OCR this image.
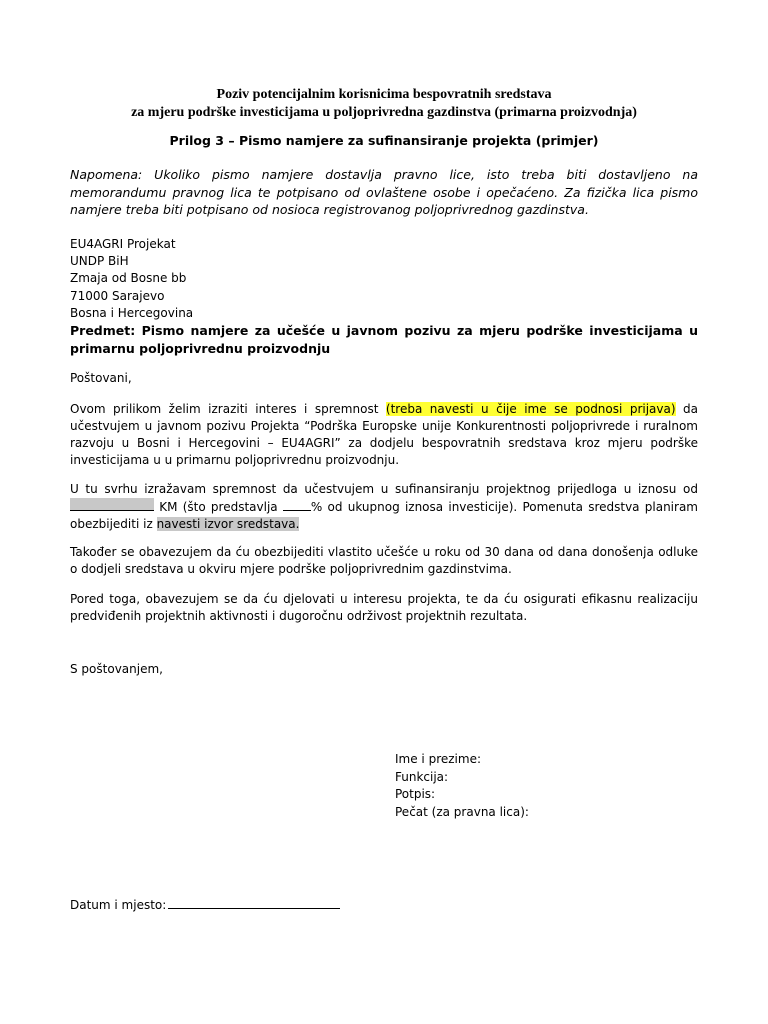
Poziv potencijalnim korisnicima bespovratnih sredstava
za mjeru podrške investicijama u poljoprivredna gazdinstva (primarna proizvodnja)
Prilog 3 – Pismo namjere za sufinansiranje projekta (primjer)
Napomena: Ukoliko pismo namjere dostavlja pravno lice, isto treba biti dostavljeno na memorandumu pravnog lica te potpisano od ovlaštene osobe i opečaćeno. Za fizička lica pismo namjere treba biti potpisano od nosioca registrovanog poljoprivrednog gazdinstva.
EU4AGRI Projekat
UNDP BiH
Zmaja od Bosne bb
71000 Sarajevo
Bosna i Hercegovina
Predmet: Pismo namjere za učešće u javnom pozivu za mjeru podrške investicijama u primarnu poljoprivrednu proizvodnju
Poštovani,
Ovom prilikom želim izraziti interes i spremnost (treba navesti u čije ime se podnosi prijava) da učestvujem u javnom pozivu Projekta “Podrška Europske unije Konkurentnosti poljoprivrede i ruralnom razvoju u Bosni i Hercegovini – EU4AGRI” za dodjelu bespovratnih sredstava kroz mjeru podrške investicijama u u primarnu poljoprivrednu proizvodnju.
U tu svrhu izražavam spremnost da učestvujem u sufinansiranju projektnog prijedloga u iznosu od  KM (što predstavlja % od ukupnog iznosa investicije). Pomenuta sredstva planiram obezbijediti iz navesti izvor sredstava.
Također se obavezujem da ću obezbijediti vlastito učešće u roku od 30 dana od dana donošenja odluke o dodjeli sredstava u okviru mjere podrške poljoprivrednim gazdinstvima.
Pored toga, obavezujem se da ću djelovati u interesu projekta, te da ću osigurati efikasnu realizaciju predviđenih projektnih aktivnosti i dugoročnu održivost projektnih rezultata.
S poštovanjem,
Ime i prezime:
Funkcija:
Potpis:
Pečat (za pravna lica):
Datum i mjesto:
